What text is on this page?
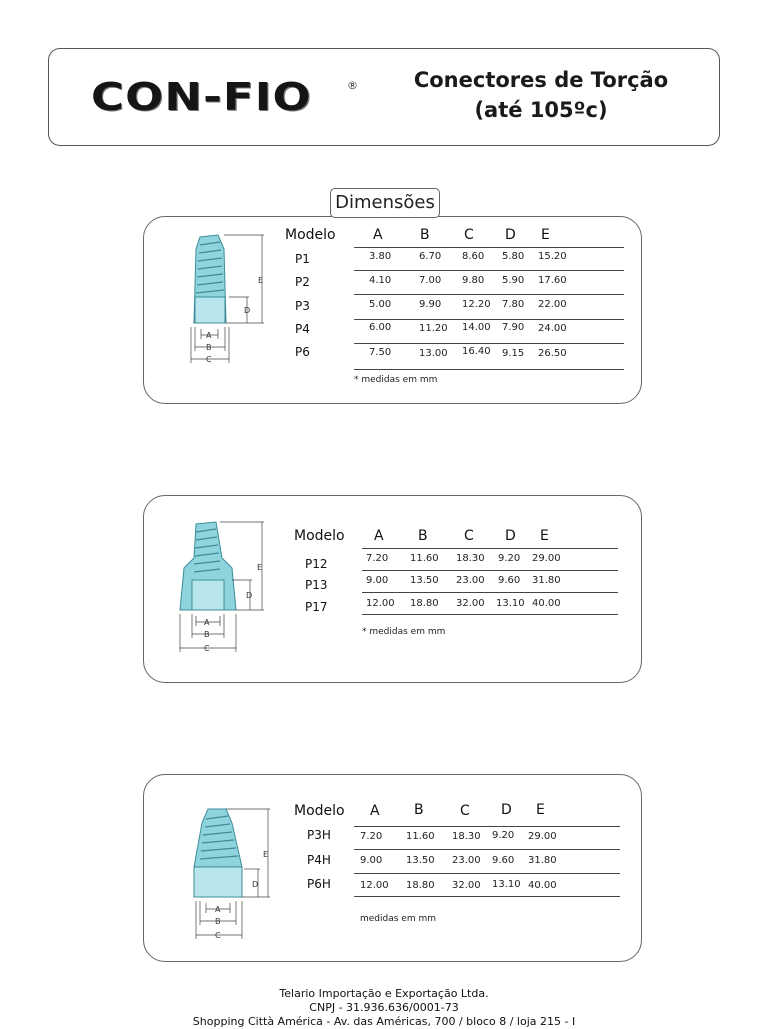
CON-FIO	®	Conectores de Torção
(até 105ºc)
Dimensões
E
D
A
B
C
Modelo	A	B C D E
P1	3.80	6.70 8.60 5.80 15.20
P2	4.10	7.00 9.80 5.90 17.60
P3	5.00	9.90 12.20 7.80 22.00
P4	6.00	11.20 14.00 7.90 24.00
P6	7.50	13.00 16.40 9.15 26.50
* medidas em mm
E
D
A
B
C
Modelo A B	C D E
P12	7.20 11.60 18.30 9.20 29.00
P13	9.00 13.50 23.00 9.60 31.80
P17	12.00 18.80 32.00 13.10 40.00
* medidas em mm
E
D
A
B
C
Modelo A B	C D E
P3H	7.20 11.60 18.30 9.20 29.00
P4H	9.00 13.50 23.00 9.60 31.80
P6H	12.00 18.80 32.00 13.10 40.00
medidas em mm
Telario Importação e Exportação Ltda.
CNPJ - 31.936.636/0001-73
Shopping Città América - Av. das Américas, 700 / bloco 8 / loja 215 - I
